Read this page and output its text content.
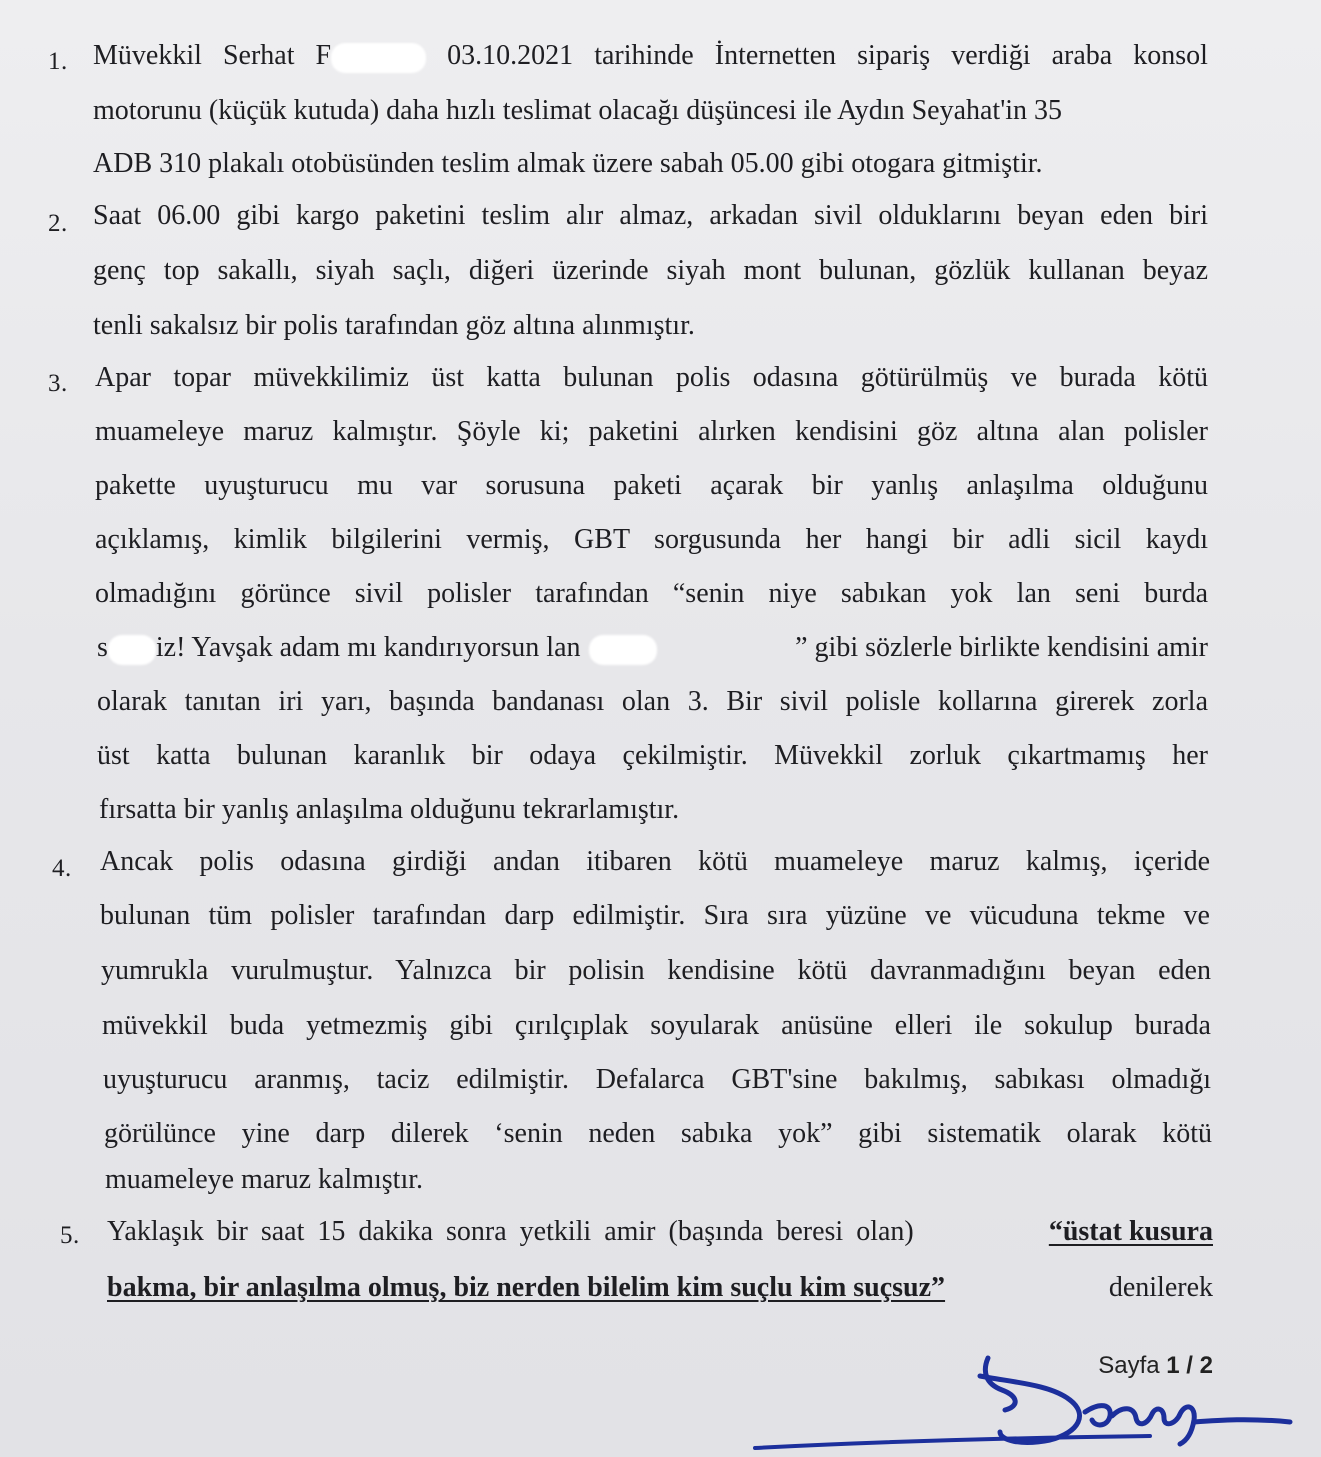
1. Müvekkil Serhat F	03.10.2021 tarihinde İnternetten sipariş verdiği araba konsol
motorunu (küçük kutuda) daha hızlı teslimat olacağı düşüncesi ile Aydın Seyahat'in 35
ADB 310 plakalı otobüsünden teslim almak üzere sabah 05.00 gibi otogara gitmiştir.
2. Saat 06.00 gibi kargo paketini teslim alır almaz, arkadan sivil olduklarını beyan eden biri
genç top sakallı, siyah saçlı, diğeri üzerinde siyah mont bulunan, gözlük kullanan beyaz
tenli sakalsız bir polis tarafından göz altına alınmıştır.
3. Apar topar müvekkilimiz üst katta bulunan polis odasına götürülmüş ve burada kötü
muameleye maruz kalmıştır. Şöyle ki; paketini alırken kendisini göz altına alan polisler
pakette uyuşturucu mu var sorusuna paketi açarak bir yanlış anlaşılma olduğunu
açıklamış, kimlik bilgilerini vermiş, GBT sorgusunda her hangi bir adli sicil kaydı
olmadığını görünce sivil polisler tarafından “senin niye sabıkan yok lan seni burda
s iz! Yavşak adam mı kandırıyorsun lan	” gibi sözlerle birlikte kendisini amir
olarak tanıtan iri yarı, başında bandanası olan 3. Bir sivil polisle kollarına girerek zorla
üst katta bulunan karanlık bir odaya çekilmiştir. Müvekkil zorluk çıkartmamış her
fırsatta bir yanlış anlaşılma olduğunu tekrarlamıştır.
4. Ancak polis odasına girdiği andan itibaren kötü muameleye maruz kalmış, içeride
bulunan tüm polisler tarafından darp edilmiştir. Sıra sıra yüzüne ve vücuduna tekme ve
yumrukla vurulmuştur. Yalnızca bir polisin kendisine kötü davranmadığını beyan eden
müvekkil buda yetmezmiş gibi çırılçıplak soyularak anüsüne elleri ile sokulup burada
uyuşturucu aranmış, taciz edilmiştir. Defalarca GBT'sine bakılmış, sabıkası olmadığı
görülünce yine darp dilerek ‘senin neden sabıka yok” gibi sistematik olarak kötü
muameleye maruz kalmıştır.
5. Yaklaşık bir saat 15 dakika sonra yetkili amir (başında beresi olan)	“üstat kusura
bakma, bir anlaşılma olmuş, biz nerden bilelim kim suçlu kim suçsuz”	denilerek
Sayfa 1 / 2
